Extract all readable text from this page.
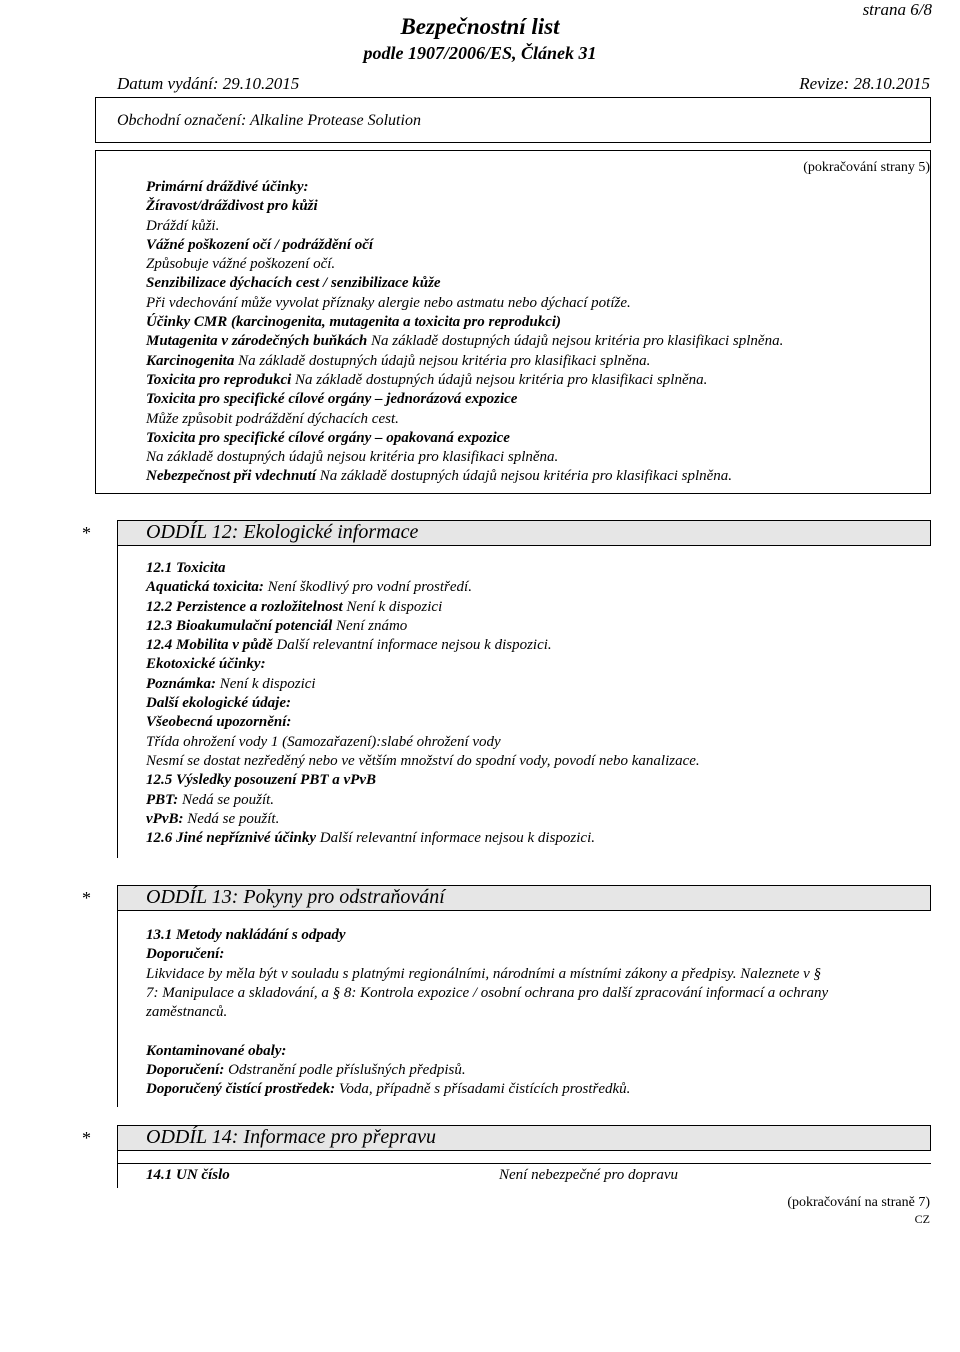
strana 6/8
Bezpečnostní list
podle 1907/2006/ES, Článek 31
Datum vydání: 29.10.2015	Revize: 28.10.2015
Obchodní označení: Alkaline Protease Solution
(pokračování strany 5)
Primární dráždivé účinky:
Žíravost/dráždivost pro kůži
Dráždí kůži.
Vážné poškození očí / podráždění očí
Způsobuje vážné poškození očí.
Senzibilizace dýchacích cest / senzibilizace kůže
Při vdechování může vyvolat příznaky alergie nebo astmatu nebo dýchací potíže.
Účinky CMR (karcinogenita, mutagenita a toxicita pro reprodukci)
Mutagenita v zárodečných buňkách Na základě dostupných údajů nejsou kritéria pro klasifikaci splněna.
Karcinogenita Na základě dostupných údajů nejsou kritéria pro klasifikaci splněna.
Toxicita pro reprodukci Na základě dostupných údajů nejsou kritéria pro klasifikaci splněna.
Toxicita pro specifické cílové orgány – jednorázová expozice
Může způsobit podráždění dýchacích cest.
Toxicita pro specifické cílové orgány – opakovaná expozice
Na základě dostupných údajů nejsou kritéria pro klasifikaci splněna.
Nebezpečnost při vdechnutí Na základě dostupných údajů nejsou kritéria pro klasifikaci splněna.
*	ODDÍL 12: Ekologické informace
12.1 Toxicita
Aquatická toxicita: Není škodlivý pro vodní prostředí.
12.2 Perzistence a rozložitelnost Není k dispozici
12.3 Bioakumulační potenciál Není známo
12.4 Mobilita v půdě Další relevantní informace nejsou k dispozici.
Ekotoxické účinky:
Poznámka: Není k dispozici
Další ekologické údaje:
Všeobecná upozornění:
Třída ohrožení vody 1 (Samozařazení):slabé ohrožení vody
Nesmí se dostat nezředěný nebo ve větším množství do spodní vody, povodí nebo kanalizace.
12.5 Výsledky posouzení PBT a vPvB
PBT: Nedá se použít.
vPvB: Nedá se použít.
12.6 Jiné nepříznivé účinky Další relevantní informace nejsou k dispozici.
*	ODDÍL 13: Pokyny pro odstraňování
13.1 Metody nakládání s odpady
Doporučení:
Likvidace by měla být v souladu s platnými regionálními, národními a místními zákony a předpisy. Naleznete v §
7: Manipulace a skladování, a § 8: Kontrola expozice / osobní ochrana pro další zpracování informací a ochrany
zaměstnanců.

Kontaminované obaly:
Doporučení: Odstranění podle příslušných předpisů.
Doporučený čistící prostředek: Voda, případně s přísadami čistících prostředků.
*	ODDÍL 14: Informace pro přepravu
14.1 UN číslo	Není nebezpečné pro dopravu
(pokračování na straně 7)
CZ
